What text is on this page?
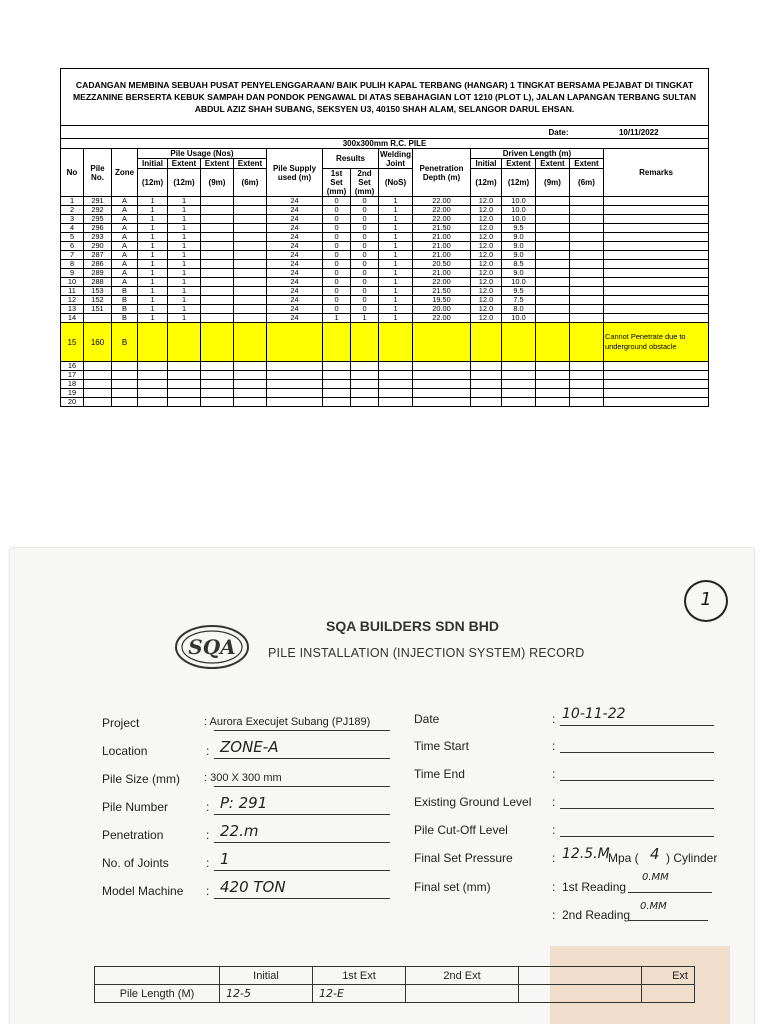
CADANGAN MEMBINA SEBUAH PUSAT PENYELENGGARAAN/ BAIK PULIH KAPAL TERBANG (HANGAR) 1 TINGKAT BERSAMA PEJABAT DI TINGKAT MEZZANINE BERSERTA KEBUK SAMPAH DAN PONDOK PENGAWAL DI ATAS SEBAHAGIAN LOT 1210 (PLOT L), JALAN LAPANGAN TERBANG SULTAN ABDUL AZIZ SHAH SUBANG, SEKSYEN U3, 40150 SHAH ALAM, SELANGOR DARUL EHSAN.																
Date:															10/11/2022	
300x300mm R.C. PILE																
No	Pile No.	Zone	Pile Usage (Nos)				Pile Supply used (m)	Results		Welding Joint	Penetration Depth (m)	Driven Length (m)				Remarks
			Initial	Extent	Extent	Extent						Initial	Extent	Extent	Extent	
			(12m)	(12m)	(9m)	(6m)		1st Set (mm)	2nd Set (mm)	(NoS)		(12m)	(12m)	(9m)	(6m)	
1	291	A	1	1			24	0	0	1	22.00	12.0	10.0			
2	292	A	1	1			24	0	0	1	22.00	12.0	10.0			
3	295	A	1	1			24	0	0	1	22.00	12.0	10.0			
4	296	A	1	1			24	0	0	1	21.50	12.0	9.5			
5	293	A	1	1			24	0	0	1	21.00	12.0	9.0			
6	290	A	1	1			24	0	0	1	21.00	12.0	9.0			
7	287	A	1	1			24	0	0	1	21.00	12.0	9.0			
8	286	A	1	1			24	0	0	1	20.50	12.0	8.5			
9	289	A	1	1			24	0	0	1	21.00	12.0	9.0			
10	288	A	1	1			24	0	0	1	22.00	12.0	10.0			
11	153	B	1	1			24	0	0	1	21.50	12.0	9.5			
12	152	B	1	1			24	0	0	1	19.50	12.0	7.5			
13	151	B	1	1			24	0	0	1	20.00	12.0	8.0			
14		B	1	1			24	1	1	1	22.00	12.0	10.0			
15	160	B														Cannot Penetrate due to underground obstacle
16																
17																
18																
19																
20																
1
SQA
SQA BUILDERS SDN BHD
PILE INSTALLATION (INJECTION SYSTEM) RECORD
Project	: Aurora Execujet Subang (PJ189)
Location	: ZONE-A
Pile Size (mm) : 300 X 300 mm
Pile Number	: P: 291
Penetration	: 22.m
No. of Joints	: 1
Model Machine : 420 TON
Date	: 10-11-22
Time Start	:
Time End	:
Existing Ground Level :
Pile Cut-Off Level	:
Final Set Pressure	: 12.5.M
Mpa ( 4 ) Cylinder
Final set (mm)	: 1st Reading
0.MM
: 2nd Reading
0.MM
	Initial	1st Ext	2nd Ext		Ext
Pile Length (M)	12-5	12-E			
